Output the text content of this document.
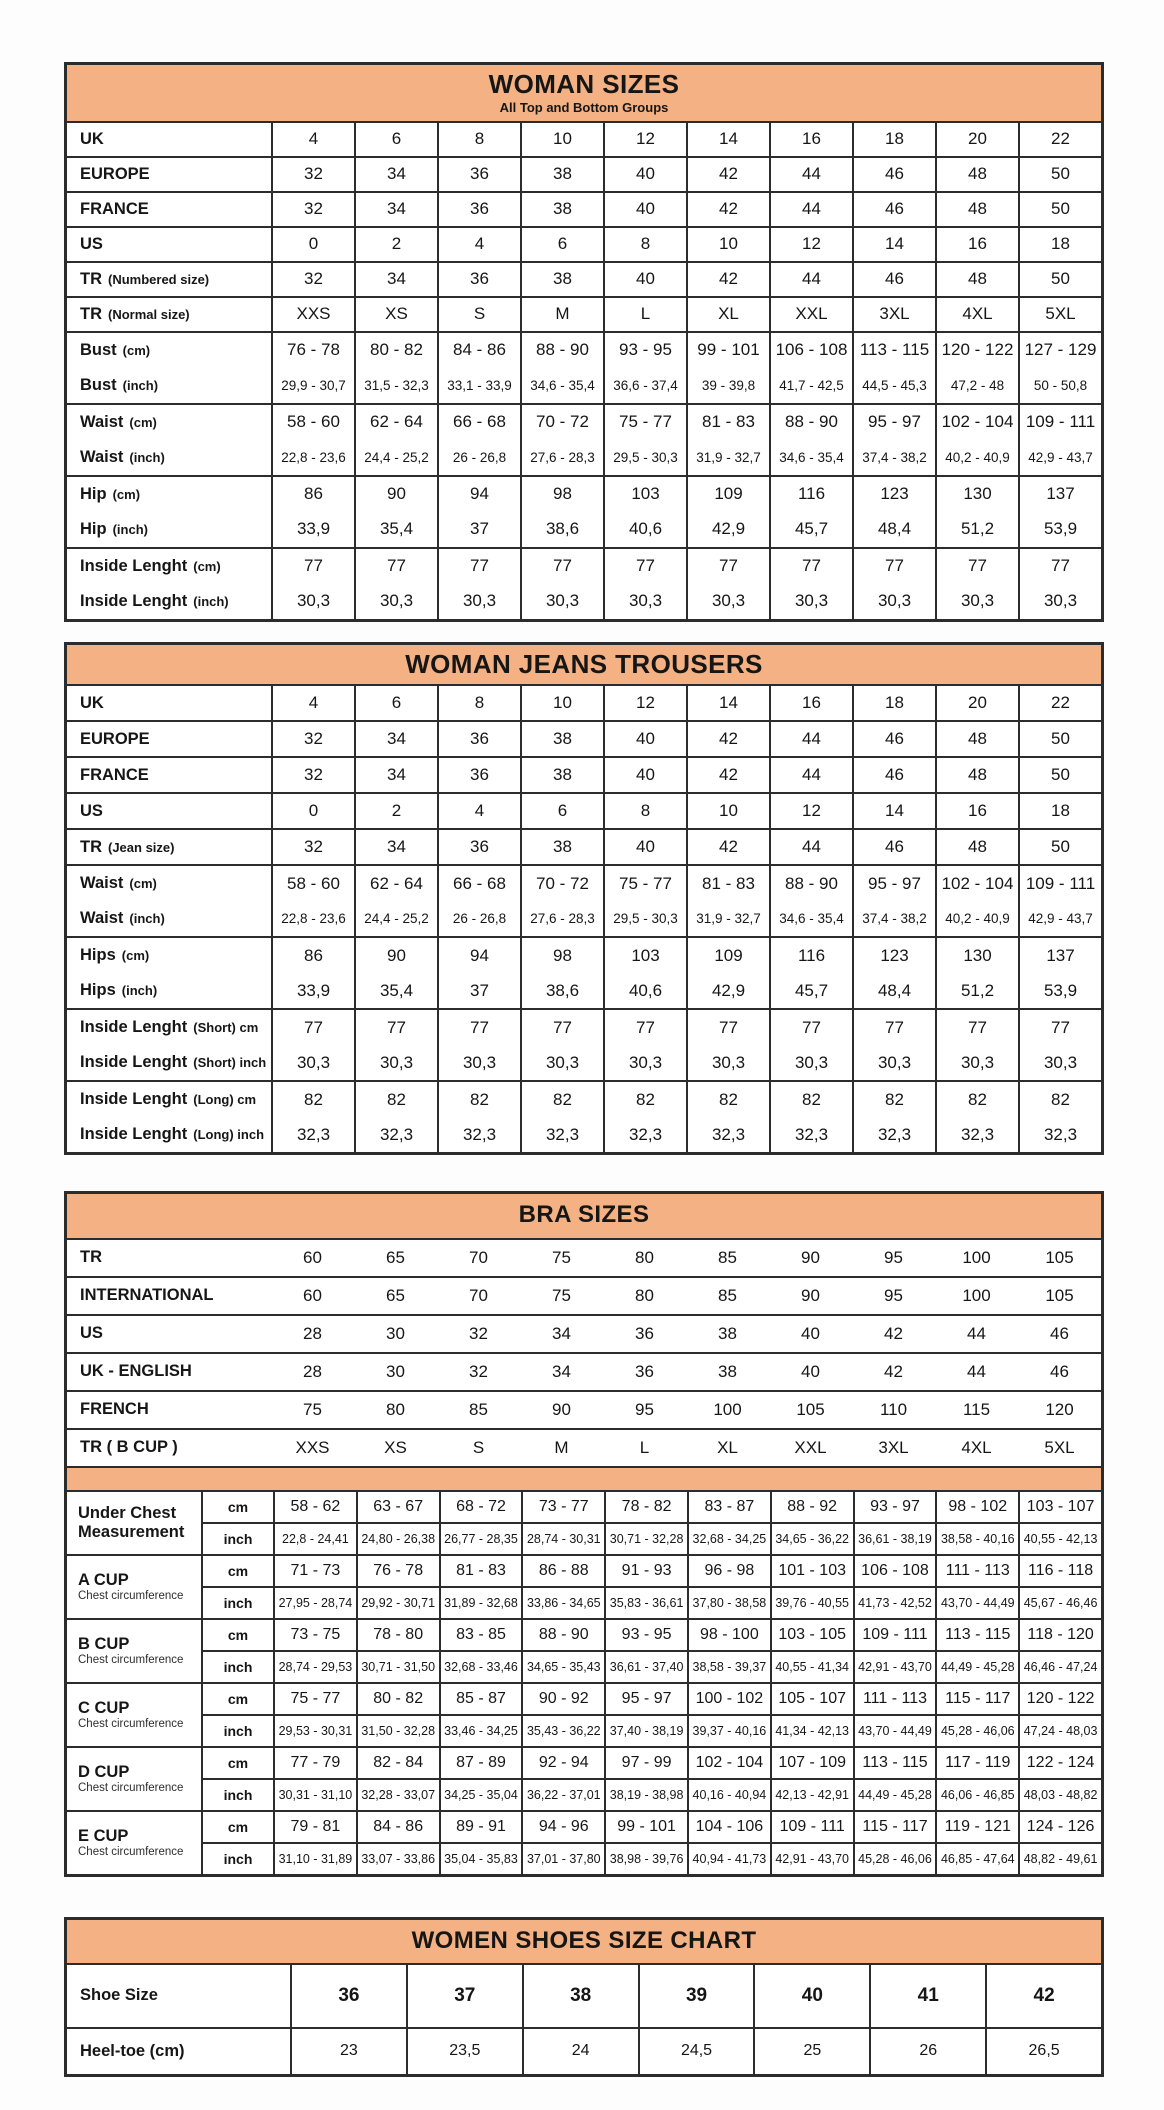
WOMAN SIZES
All Top and Bottom Groups
UK	4	6	8	10	12	14	16	18	20	22
EUROPE	32	34	36	38	40	42	44	46	48	50
FRANCE	32	34	36	38	40	42	44	46	48	50
US	0	2	4	6	8	10	12	14	16	18
TR (Numbered size)	32	34	36	38	40	42	44	46	48	50
TR (Normal size)	XXS	XS	S	M	L	XL	XXL	3XL	4XL	5XL
Bust (cm)	76 - 78	80 - 82	84 - 86	88 - 90	93 - 95	99 - 101 106 - 108 113 - 115 120 - 122 127 - 129
Bust (inch)	29,9 - 30,7	31,5 - 32,3	33,1 - 33,9	34,6 - 35,4	36,6 - 37,4	39 - 39,8	41,7 - 42,5	44,5 - 45,3	47,2 - 48	50 - 50,8
Waist (cm)	58 - 60	62 - 64	66 - 68	70 - 72	75 - 77	81 - 83	88 - 90	95 - 97	102 - 104 109 - 111
Waist (inch)	22,8 - 23,6	24,4 - 25,2	26 - 26,8	27,6 - 28,3	29,5 - 30,3	31,9 - 32,7	34,6 - 35,4	37,4 - 38,2	40,2 - 40,9	42,9 - 43,7
Hip (cm)	86	90	94	98	103	109	116	123	130	137
Hip (inch)	33,9	35,4	37	38,6	40,6	42,9	45,7	48,4	51,2	53,9
Inside Lenght (cm)	77	77	77	77	77	77	77	77	77	77
Inside Lenght (inch)	30,3	30,3	30,3	30,3	30,3	30,3	30,3	30,3	30,3	30,3
WOMAN JEANS TROUSERS
UK	4	6	8	10	12	14	16	18	20	22
EUROPE	32	34	36	38	40	42	44	46	48	50
FRANCE	32	34	36	38	40	42	44	46	48	50
US	0	2	4	6	8	10	12	14	16	18
TR (Jean size)	32	34	36	38	40	42	44	46	48	50
Waist (cm)	58 - 60	62 - 64	66 - 68	70 - 72	75 - 77	81 - 83	88 - 90	95 - 97	102 - 104 109 - 111
Waist (inch)	22,8 - 23,6	24,4 - 25,2	26 - 26,8	27,6 - 28,3	29,5 - 30,3	31,9 - 32,7	34,6 - 35,4	37,4 - 38,2	40,2 - 40,9	42,9 - 43,7
Hips (cm)	86	90	94	98	103	109	116	123	130	137
Hips (inch)	33,9	35,4	37	38,6	40,6	42,9	45,7	48,4	51,2	53,9
Inside Lenght (Short) cm	77	77	77	77	77	77	77	77	77	77
Inside Lenght (Short) inch	30,3	30,3	30,3	30,3	30,3	30,3	30,3	30,3	30,3	30,3
Inside Lenght (Long) cm	82	82	82	82	82	82	82	82	82	82
Inside Lenght (Long) inch	32,3	32,3	32,3	32,3	32,3	32,3	32,3	32,3	32,3	32,3
BRA SIZES
TR	60	65	70	75	80	85	90	95	100	105
INTERNATIONAL	60	65	70	75	80	85	90	95	100	105
US	28	30	32	34	36	38	40	42	44	46
UK - ENGLISH	28	30	32	34	36	38	40	42	44	46
FRENCH	75	80	85	90	95	100	105	110	115	120
TR ( B CUP )	XXS	XS	S	M	L	XL	XXL	3XL	4XL	5XL
Under Chest Measurement
cm	58 - 62	63 - 67	68 - 72	73 - 77	78 - 82	83 - 87	88 - 92	93 - 97	98 - 102	103 - 107
inch	22,8 - 24,41	24,80 - 26,38 26,77 - 28,35 28,74 - 30,31 30,71 - 32,28 32,68 - 34,25 34,65 - 36,22 36,61 - 38,19 38,58 - 40,16 40,55 - 42,13
A CUP
Chest circumference
cm	71 - 73	76 - 78	81 - 83	86 - 88	91 - 93	96 - 98	101 - 103 106 - 108	111 - 113	116 - 118
inch	27,95 - 28,74 29,92 - 30,71 31,89 - 32,68 33,86 - 34,65 35,83 - 36,61 37,80 - 38,58 39,76 - 40,55 41,73 - 42,52 43,70 - 44,49 45,67 - 46,46
B CUP
Chest circumference
cm	73 - 75	78 - 80	83 - 85	88 - 90	93 - 95	98 - 100	103 - 105	109 - 111	113 - 115	118 - 120
inch	28,74 - 29,53 30,71 - 31,50 32,68 - 33,46 34,65 - 35,43 36,61 - 37,40 38,58 - 39,37 40,55 - 41,34 42,91 - 43,70 44,49 - 45,28 46,46 - 47,24
C CUP
Chest circumference
cm	75 - 77	80 - 82	85 - 87	90 - 92	95 - 97	100 - 102 105 - 107	111 - 113	115 - 117	120 - 122
inch	29,53 - 30,31 31,50 - 32,28 33,46 - 34,25 35,43 - 36,22 37,40 - 38,19 39,37 - 40,16 41,34 - 42,13 43,70 - 44,49 45,28 - 46,06 47,24 - 48,03
D CUP
Chest circumference
cm	77 - 79	82 - 84	87 - 89	92 - 94	97 - 99	102 - 104 107 - 109	113 - 115	117 - 119	122 - 124
inch	30,31 - 31,10 32,28 - 33,07 34,25 - 35,04 36,22 - 37,01 38,19 - 38,98 40,16 - 40,94 42,13 - 42,91 44,49 - 45,28 46,06 - 46,85 48,03 - 48,82
E CUP
Chest circumference
cm	79 - 81	84 - 86	89 - 91	94 - 96	99 - 101	104 - 106	109 - 111	115 - 117	119 - 121 124 - 126
inch	31,10 - 31,89 33,07 - 33,86 35,04 - 35,83 37,01 - 37,80 38,98 - 39,76 40,94 - 41,73 42,91 - 43,70 45,28 - 46,06 46,85 - 47,64 48,82 - 49,61
WOMEN SHOES SIZE CHART
Shoe Size	36	37	38	39	40	41	42
Heel-toe (cm)	23	23,5	24	24,5	25	26	26,5
